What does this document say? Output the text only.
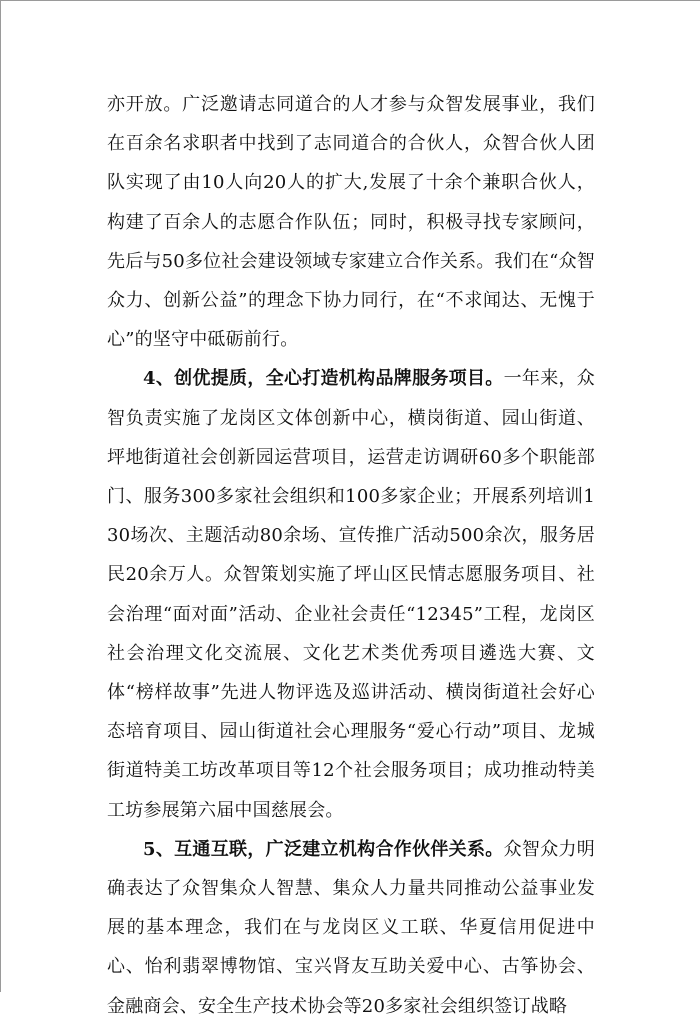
亦开放。广泛邀请志同道合的人才参与众智发展事业，我们在百余名求职者中找到了志同道合的合伙人，众智合伙人团队实现了由10人向20人的扩大,发展了十余个兼职合伙人，构建了百余人的志愿合作队伍；同时，积极寻找专家顾问，先后与50多位社会建设领域专家建立合作关系。我们在“众智众力、创新公益”的理念下协力同行，在“不求闻达、无愧于心”的坚守中砥砺前行。

4、创优提质，全心打造机构品牌服务项目。一年来，众智负责实施了龙岗区文体创新中心，横岗街道、园山街道、坪地街道社会创新园运营项目，运营走访调研60多个职能部门、服务300多家社会组织和100多家企业；开展系列培训130场次、主题活动80余场、宣传推广活动500余次，服务居民20余万人。众智策划实施了坪山区民情志愿服务项目、社会治理“面对面”活动、企业社会责任“12345”工程，龙岗区社会治理文化交流展、文化艺术类优秀项目遴选大赛、文体“榜样故事”先进人物评选及巡讲活动、横岗街道社会好心态培育项目、园山街道社会心理服务“爱心行动”项目、龙城街道特美工坊改革项目等12个社会服务项目；成功推动特美工坊参展第六届中国慈展会。

5、互通互联，广泛建立机构合作伙伴关系。众智众力明确表达了众智集众人智慧、集众人力量共同推动公益事业发展的基本理念，我们在与龙岗区义工联、华夏信用促进中心、怡利翡翠博物馆、宝兴肾友互助关爱中心、古筝协会、金融商会、安全生产技术协会等20多家社会组织签订战略
